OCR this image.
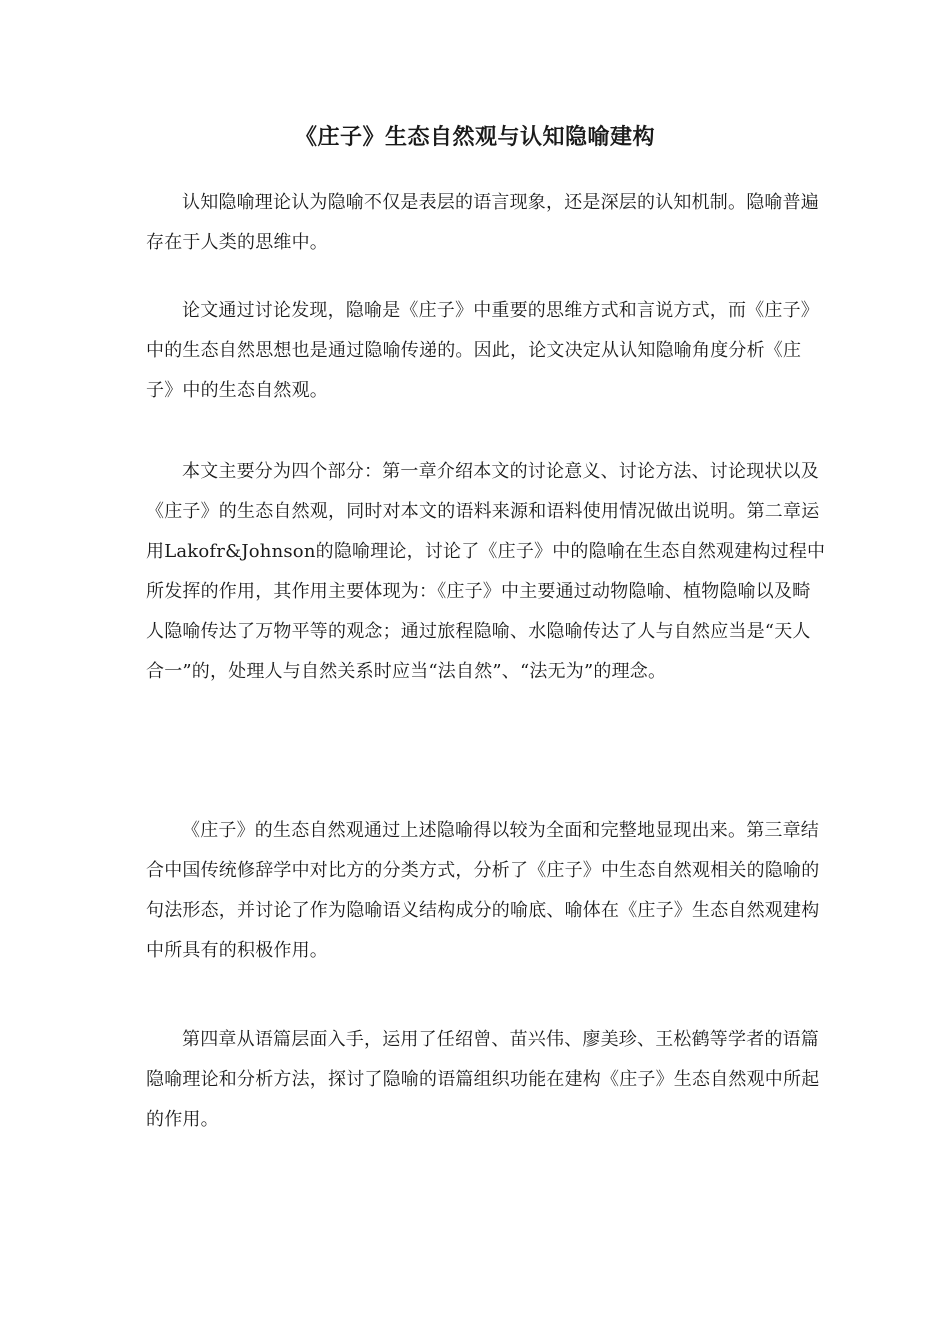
《庄子》生态自然观与认知隐喻建构

认知隐喻理论认为隐喻不仅是表层的语言现象，还是深层的认知机制。隐喻普遍存在于人类的思维中。

论文通过讨论发现，隐喻是《庄子》中重要的思维方式和言说方式，而《庄子》中的生态自然思想也是通过隐喻传递的。因此，论文决定从认知隐喻角度分析《庄子》中的生态自然观。

本文主要分为四个部分：第一章介绍本文的讨论意义、讨论方法、讨论现状以及《庄子》的生态自然观，同时对本文的语料来源和语料使用情况做出说明。第二章运用Lakofr&Johnson的隐喻理论，讨论了《庄子》中的隐喻在生态自然观建构过程中所发挥的作用，其作用主要体现为：《庄子》中主要通过动物隐喻、植物隐喻以及畸人隐喻传达了万物平等的观念；通过旅程隐喻、水隐喻传达了人与自然应当是“天人合一”的，处理人与自然关系时应当“法自然”、“法无为”的理念。

《庄子》的生态自然观通过上述隐喻得以较为全面和完整地显现出来。第三章结合中国传统修辞学中对比方的分类方式，分析了《庄子》中生态自然观相关的隐喻的句法形态，并讨论了作为隐喻语义结构成分的喻底、喻体在《庄子》生态自然观建构中所具有的积极作用。

第四章从语篇层面入手，运用了任绍曾、苗兴伟、廖美珍、王松鹤等学者的语篇隐喻理论和分析方法，探讨了隐喻的语篇组织功能在建构《庄子》生态自然观中所起的作用。
